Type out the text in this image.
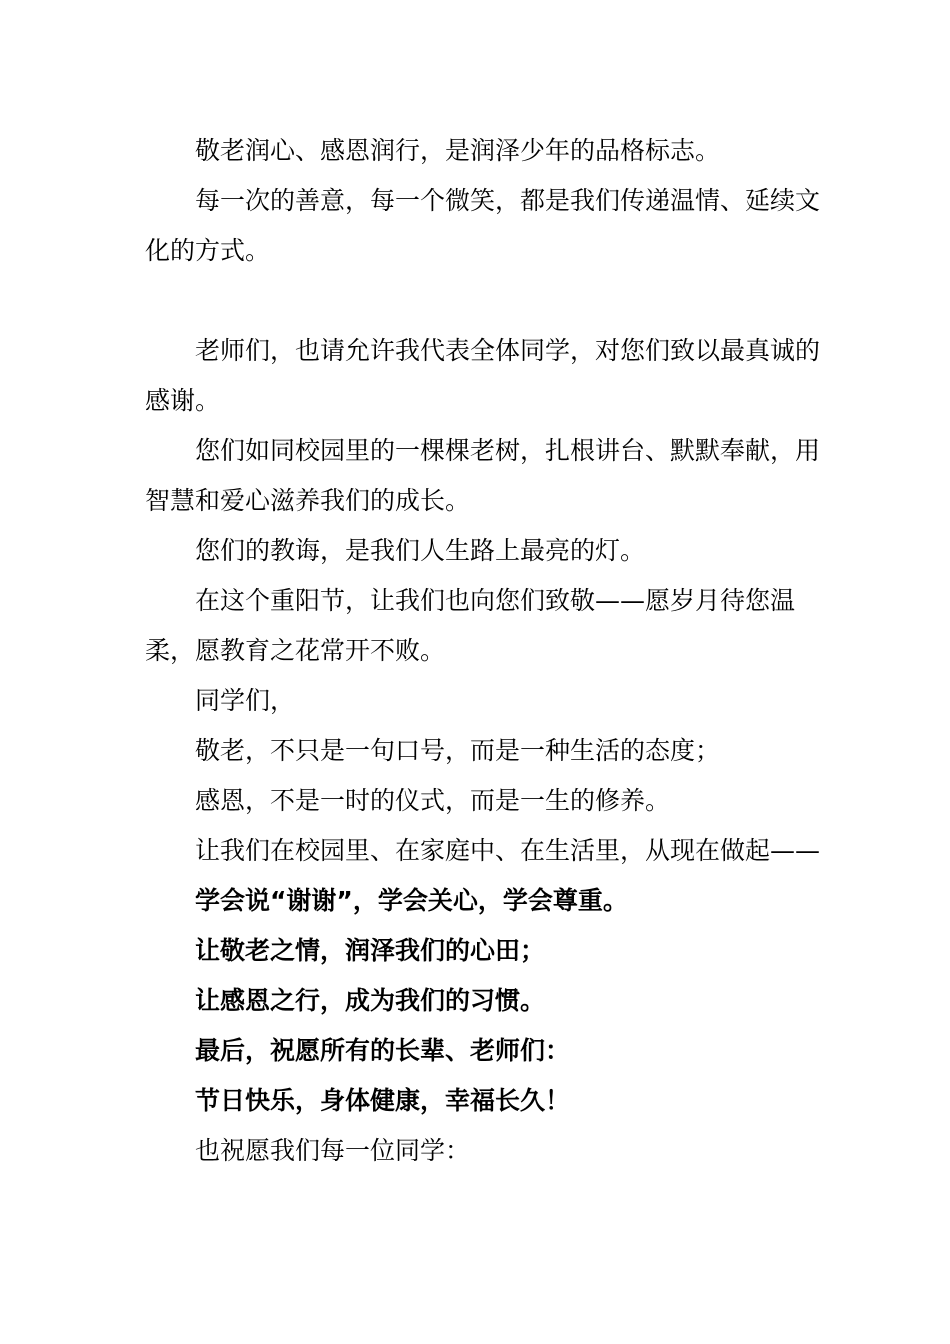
敬老润心、感恩润行，是润泽少年的品格标志。

每一次的善意，每一个微笑，都是我们传递温情、延续文化的方式。

老师们，也请允许我代表全体同学，对您们致以最真诚的感谢。

您们如同校园里的一棵棵老树，扎根讲台、默默奉献，用智慧和爱心滋养我们的成长。

您们的教诲，是我们人生路上最亮的灯。

在这个重阳节，让我们也向您们致敬——愿岁月待您温柔，愿教育之花常开不败。

同学们，

敬老，不只是一句口号，而是一种生活的态度；

感恩，不是一时的仪式，而是一生的修养。

让我们在校园里、在家庭中、在生活里，从现在做起——

学会说“谢谢”，学会关心，学会尊重。

让敬老之情，润泽我们的心田；

让感恩之行，成为我们的习惯。

最后，祝愿所有的长辈、老师们：

节日快乐，身体健康，幸福长久！

也祝愿我们每一位同学：
